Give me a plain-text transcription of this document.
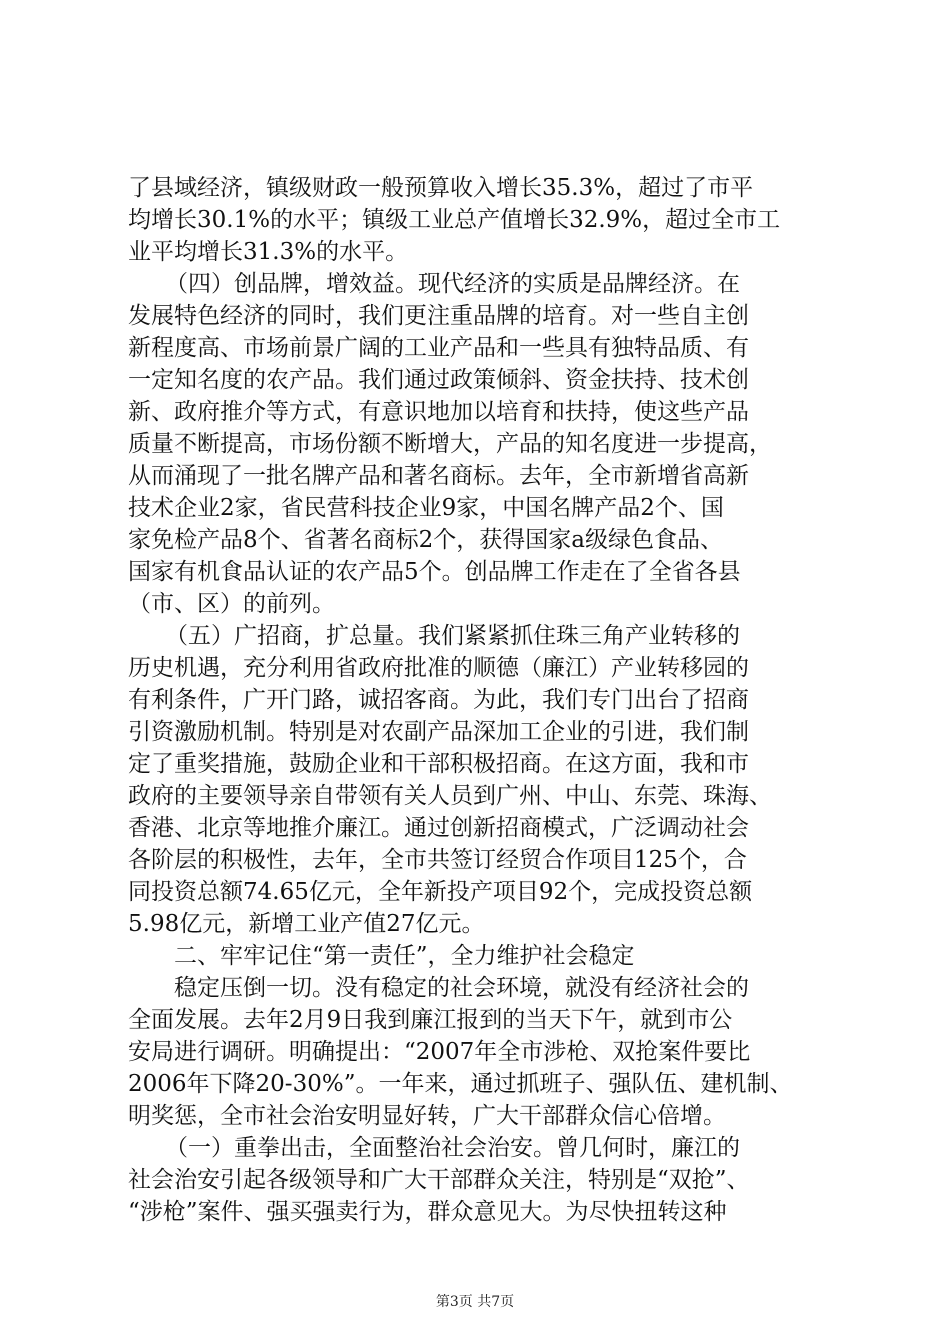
了县域经济，镇级财政一般预算收入增长35.3%，超过了市平
均增长30.1%的水平；镇级工业总产值增长32.9%，超过全市工
业平均增长31.3%的水平。
（四）创品牌，增效益。现代经济的实质是品牌经济。在
发展特色经济的同时，我们更注重品牌的培育。对一些自主创
新程度高、市场前景广阔的工业产品和一些具有独特品质、有
一定知名度的农产品。我们通过政策倾斜、资金扶持、技术创
新、政府推介等方式，有意识地加以培育和扶持，使这些产品
质量不断提高，市场份额不断增大，产品的知名度进一步提高，
从而涌现了一批名牌产品和著名商标。去年，全市新增省高新
技术企业2家，省民营科技企业9家，中国名牌产品2个、国
家免检产品8个、省著名商标2个，获得国家a级绿色食品、
国家有机食品认证的农产品5个。创品牌工作走在了全省各县
（市、区）的前列。
（五）广招商，扩总量。我们紧紧抓住珠三角产业转移的
历史机遇，充分利用省政府批准的顺德（廉江）产业转移园的
有利条件，广开门路，诚招客商。为此，我们专门出台了招商
引资激励机制。特别是对农副产品深加工企业的引进，我们制
定了重奖措施，鼓励企业和干部积极招商。在这方面，我和市
政府的主要领导亲自带领有关人员到广州、中山、东莞、珠海、
香港、北京等地推介廉江。通过创新招商模式，广泛调动社会
各阶层的积极性，去年，全市共签订经贸合作项目125个，合
同投资总额74.65亿元，全年新投产项目92个，完成投资总额
5.98亿元，新增工业产值27亿元。
二、牢牢记住“第一责任”，全力维护社会稳定
稳定压倒一切。没有稳定的社会环境，就没有经济社会的
全面发展。去年2月9日我到廉江报到的当天下午，就到市公
安局进行调研。明确提出：“2007年全市涉枪、双抢案件要比
2006年下降20-30%”。一年来，通过抓班子、强队伍、建机制、
明奖惩，全市社会治安明显好转，广大干部群众信心倍增。
（一）重拳出击，全面整治社会治安。曾几何时，廉江的
社会治安引起各级领导和广大干部群众关注，特别是“双抢”、
“涉枪”案件、强买强卖行为，群众意见大。为尽快扭转这种
第3页 共7页
